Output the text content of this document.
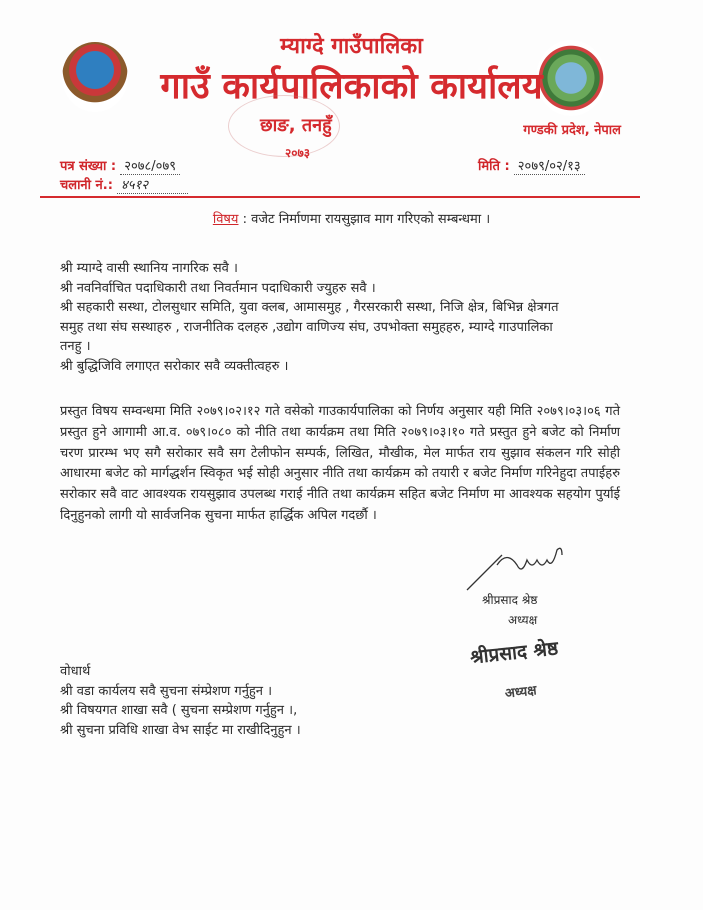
म्याग्दे गाउँपालिका
गाउँ कार्यपालिकाको कार्यालय
छाङ, तनहुँ
२०७३
गण्डकी प्रदेश, नेपाल
पत्र संख्या : २०७८/०७९
चलानी नं.: ४५१२
मिति : २०७९/०२/१३
विषय : वजेट निर्माणमा रायसुझाव माग गरिएको सम्बन्धमा ।
श्री म्याग्दे वासी स्थानिय नागरिक सवै ।
श्री नवनिर्वाचित पदाधिकारी तथा निवर्तमान पदाधिकारी ज्युहरु सवै ।
श्री सहकारी सस्था, टोलसुधार समिति, युवा क्लब, आमासमुह , गैरसरकारी सस्था, निजि क्षेत्र, बिभिन्न क्षेत्रगत
समुह तथा संघ सस्थाहरु , राजनीतिक दलहरु ,उद्योग वाणिज्य संघ, उपभोक्ता समुहहरु, म्याग्दे गाउपालिका
तनहु ।
श्री बुद्धिजिवि लगाएत सरोकार सवै व्यक्तीत्वहरु ।
प्रस्तुत विषय सम्वन्धमा मिति २०७९।०२।१२ गते वसेको गाउकार्यपालिका को निर्णय अनुसार यही मिति २०७९।०३।०६ गते प्रस्तुत हुने आगामी आ.व. ०७९।०८० को नीति तथा कार्यक्रम तथा मिति २०७९।०३।१० गते प्रस्तुत हुने बजेट को निर्माण चरण प्रारम्भ भए सगै सरोकार सवै सग टेलीफोन सम्पर्क, लिखित, मौखीक, मेल मार्फत राय सुझाव संकलन गरि सोही आधारमा बजेट को मार्गद्धर्शन स्विकृत भई सोही अनुसार नीति तथा कार्यक्रम को तयारी र बजेट निर्माण गरिनेहुदा तपाईहरु सरोकार सवै वाट आवश्यक रायसुझाव उपलब्ध गराई नीति तथा कार्यक्रम सहित बजेट निर्माण मा आवश्यक सहयोग पुर्याई दिनुहुनको लागी यो सार्वजनिक सुचना मार्फत हार्द्धिक अपिल गदर्छौ ।
श्रीप्रसाद श्रेष्ठ
अध्यक्ष
श्रीप्रसाद श्रेष्ठ
अध्यक्ष
वोधार्थ
श्री वडा कार्यलय सवै सुचना संम्प्रेशण गर्नुहुन ।
श्री विषयगत शाखा सवै ( सुचना सम्प्रेशण गर्नुहुन ।,
श्री सुचना प्रविधि शाखा वेभ साईट मा राखीदिनुहुन ।
